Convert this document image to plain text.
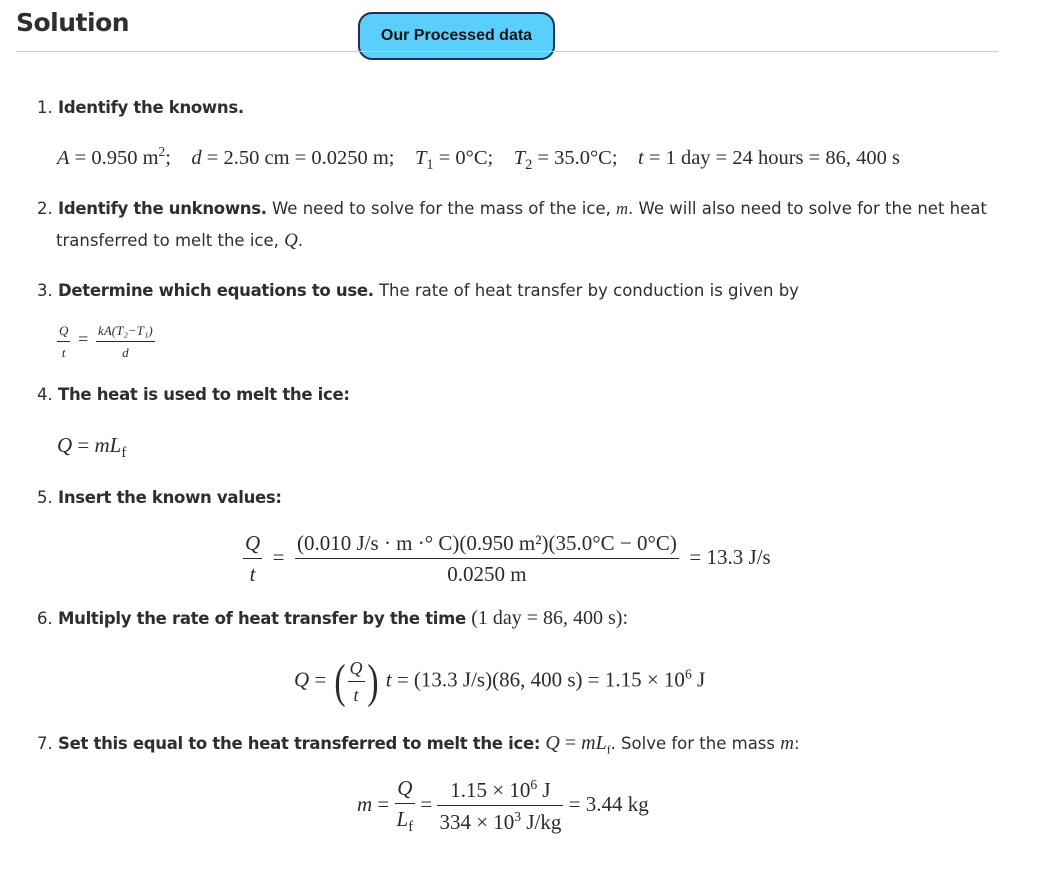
Solution	Our Processed data

1. Identify the knowns.

A = 0.950 $m^2$;    d = 2.50 cm = 0.0250 m;    $T_1 = 0^\circ C$;    $T_2 = 35.0^\circ C$;    t = 1 day = 24 hours = 86, 400 s

2. Identify the unknowns. We need to solve for the mass of the ice, m. We will also need to solve for the net heat

transferred to melt the ice, Q.

3. Determine which equations to use. The rate of heat transfer by conduction is given by

$\frac{Q}{t} = \frac{\text{kA(T₂−T₁)}}{d}$

4. The heat is used to melt the ice:

$Q = mL_f$

5. Insert the known values:

$\frac{Q}{t} = \frac{\text{(0.010 J/s · m ·° C)(0.950 m²)(35.0°C − 0°C)}}{0.0250 m} = 13.3$ J/s

6. Multiply the rate of heat transfer by the time (1 day = 86, 400 s):

Q = ( $\frac{Q}{t}$ ) t = (13.3 J/s)(86, 400 $s) = 1.15 \times 10^6$ J

7. Set this equal to the heat transferred to melt the ice: $Q = mL_f$. Solve for the mass m:

$m = \frac{Q}{L_f} = \frac{1.15 \times 10^6 J}{334 \times 10^3 J/kg} = 3.44$ kg
